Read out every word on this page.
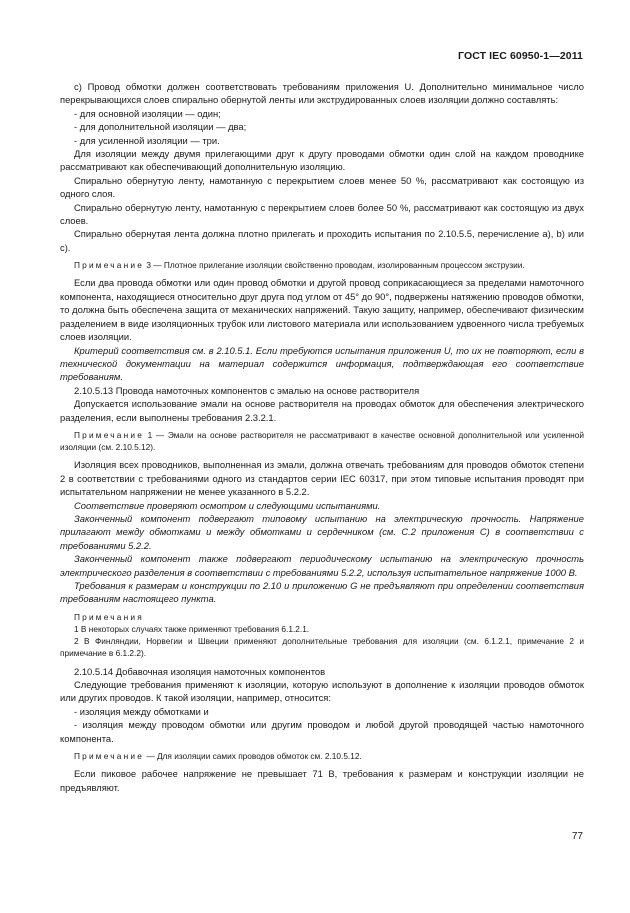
ГОСТ IEC 60950-1—2011

c) Провод обмотки должен соответствовать требованиям приложения U. Дополнительно минимальное число перекрывающихся слоев спирально обернутой ленты или экструдированных слоев изоляции должно составлять:

- для основной изоляции — один;

- для дополнительной изоляции — два;

- для усиленной изоляции — три.

Для изоляции между двумя прилегающими друг к другу проводами обмотки один слой на каждом проводнике рассматривают как обеспечивающий дополнительную изоляцию.

Спирально обернутую ленту, намотанную с перекрытием слоев менее 50 %, рассматривают как состоящую из одного слоя.

Спирально обернутую ленту, намотанную с перекрытием слоев более 50 %, рассматривают как состоящую из двух слоев.

Спирально обернутая лента должна плотно прилегать и проходить испытания по 2.10.5.5, перечисление a), b) или c).

Примечание 3 — Плотное прилегание изоляции свойственно проводам, изолированным процессом экструзии.

Если два провода обмотки или один провод обмотки и другой провод соприкасающиеся за пределами намоточного компонента, находящиеся относительно друг друга под углом от 45° до 90°, подвержены натяжению проводов обмотки, то должна быть обеспечена защита от механических напряжений. Такую защиту, например, обеспечивают физическим разделением в виде изоляционных трубок или листового материала или использованием удвоенного числа требуемых слоев изоляции.

Критерий соответствия см. в 2.10.5.1. Если требуются испытания приложения U, то их не повторяют, если в технической документации на материал содержится информация, подтверждающая его соответствие требованиям.

2.10.5.13 Провода намоточных компонентов с эмалью на основе растворителя

Допускается использование эмали на основе растворителя на проводах обмоток для обеспечения электрического разделения, если выполнены требования 2.3.2.1.

Примечание 1 — Эмали на основе растворителя не рассматривают в качестве основной дополнительной или усиленной изоляции (см. 2.10.5.12).

Изоляция всех проводников, выполненная из эмали, должна отвечать требованиям для проводов обмоток степени 2 в соответствии с требованиями одного из стандартов серии IEC 60317, при этом типовые испытания проводят при испытательном напряжении не менее указанного в 5.2.2.

Соответствие проверяют осмотром и следующими испытаниями.

Законченный компонент подвергают типовому испытанию на электрическую прочность. Напряжение прилагают между обмотками и между обмотками и сердечником (см. С.2 приложения С) в соответствии с требованиями 5.2.2.

Законченный компонент также подвергают периодическому испытанию на электрическую прочность электрического разделения в соответствии с требованиями 5.2.2, используя испытательное напряжение 1000 В.

Требования к размерам и конструкции по 2.10 и приложению G не предъявляют при определении соответствия требованиям настоящего пункта.

Примечания

1 В некоторых случаях также применяют требования 6.1.2.1.

2 В Финляндии, Норвегии и Швеции применяют дополнительные требования для изоляции (см. 6.1.2.1, примечание 2 и примечание в 6.1.2.2).

2.10.5.14 Добавочная изоляция намоточных компонентов

Следующие требования применяют к изоляции, которую используют в дополнение к изоляции проводов обмоток или других проводов. К такой изоляции, например, относится:

- изоляция между обмотками и

- изоляция между проводом обмотки или другим проводом и любой другой проводящей частью намоточного компонента.

Примечание — Для изоляции самих проводов обмоток см. 2.10.5.12.

Если пиковое рабочее напряжение не превышает 71 В, требования к размерам и конструкции изоляции не предъявляют.

77
